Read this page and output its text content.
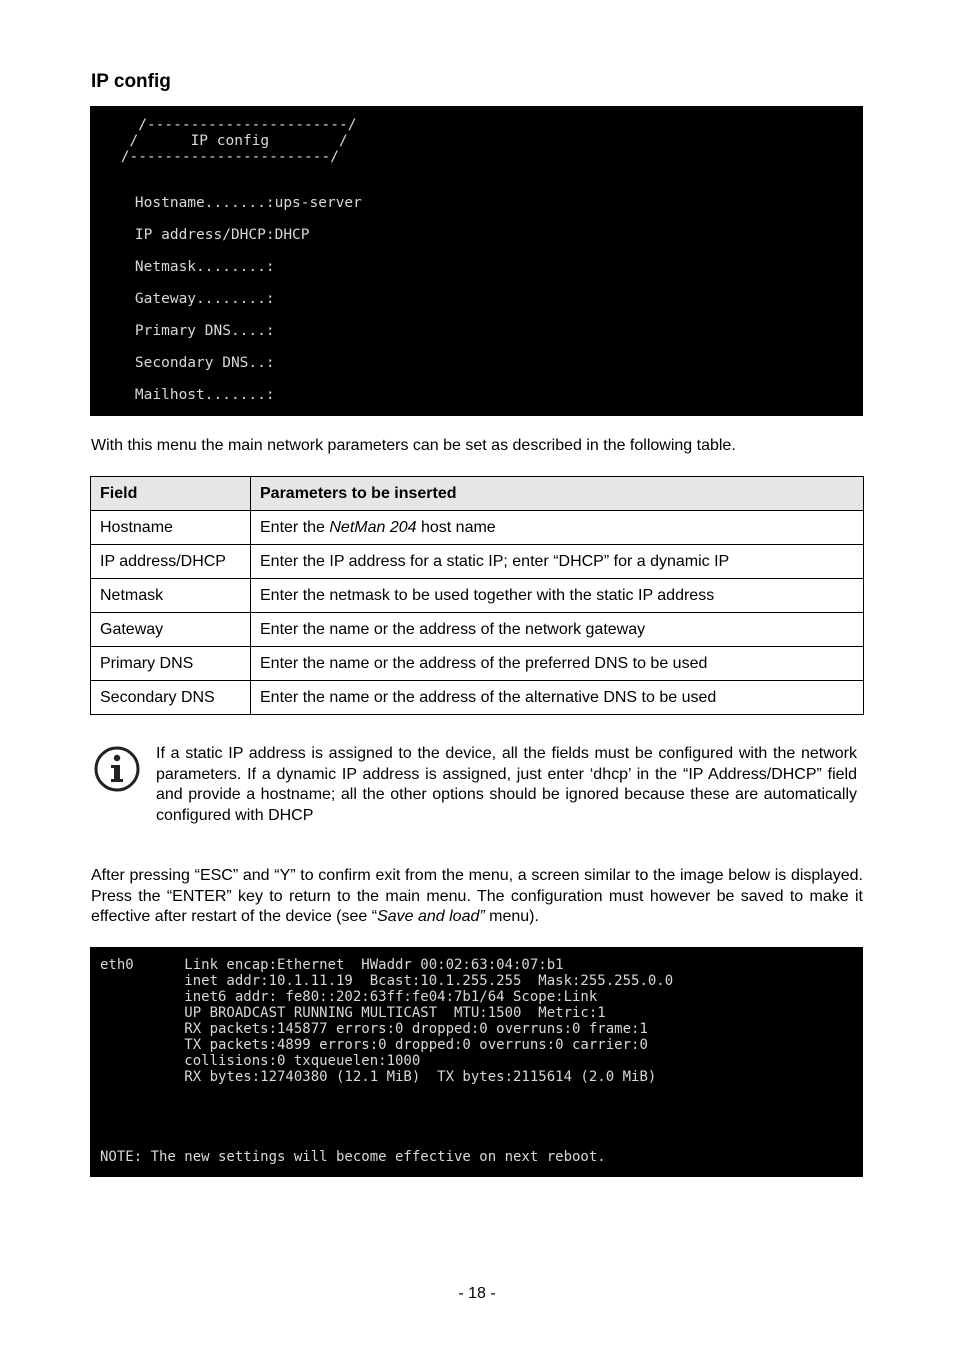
IP config
/-----------------------/
/      IP config        /
/-----------------------/
Hostname.......:ups-server
IP address/DHCP:DHCP
Netmask........:
Gateway........:
Primary DNS....:
Secondary DNS..:
Mailhost.......:

With this menu the main network parameters can be set as described in the following table.

Field	Parameters to be inserted
Hostname	Enter the NetMan 204 host name
IP address/DHCP	Enter the IP address for a static IP; enter “DHCP” for a dynamic IP
Netmask	Enter the netmask to be used together with the static IP address
Gateway	Enter the name or the address of the network gateway
Primary DNS	Enter the name or the address of the preferred DNS to be used
Secondary DNS	Enter the name or the address of the alternative DNS to be used

If a static IP address is assigned to the device, all the fields must be configured with the network parameters. If a dynamic IP address is assigned, just enter ‘dhcp’ in the “IP Address/DHCP” field and provide a hostname; all the other options should be ignored because these are automatically configured with DHCP

After pressing “ESC” and “Y” to confirm exit from the menu, a screen similar to the image below is displayed. Press the “ENTER” key to return to the main menu. The configuration must however be saved to make it effective after restart of the device (see “Save and load” menu).

eth0      Link encap:Ethernet  HWaddr 00:02:63:04:07:b1
inet addr:10.1.11.19  Bcast:10.1.255.255  Mask:255.255.0.0
inet6 addr: fe80::202:63ff:fe04:7b1/64 Scope:Link
UP BROADCAST RUNNING MULTICAST  MTU:1500  Metric:1
RX packets:145877 errors:0 dropped:0 overruns:0 frame:1
TX packets:4899 errors:0 dropped:0 overruns:0 carrier:0
collisions:0 txqueuelen:1000
RX bytes:12740380 (12.1 MiB)  TX bytes:2115614 (2.0 MiB)
NOTE: The new settings will become effective on next reboot.
- 18 -
